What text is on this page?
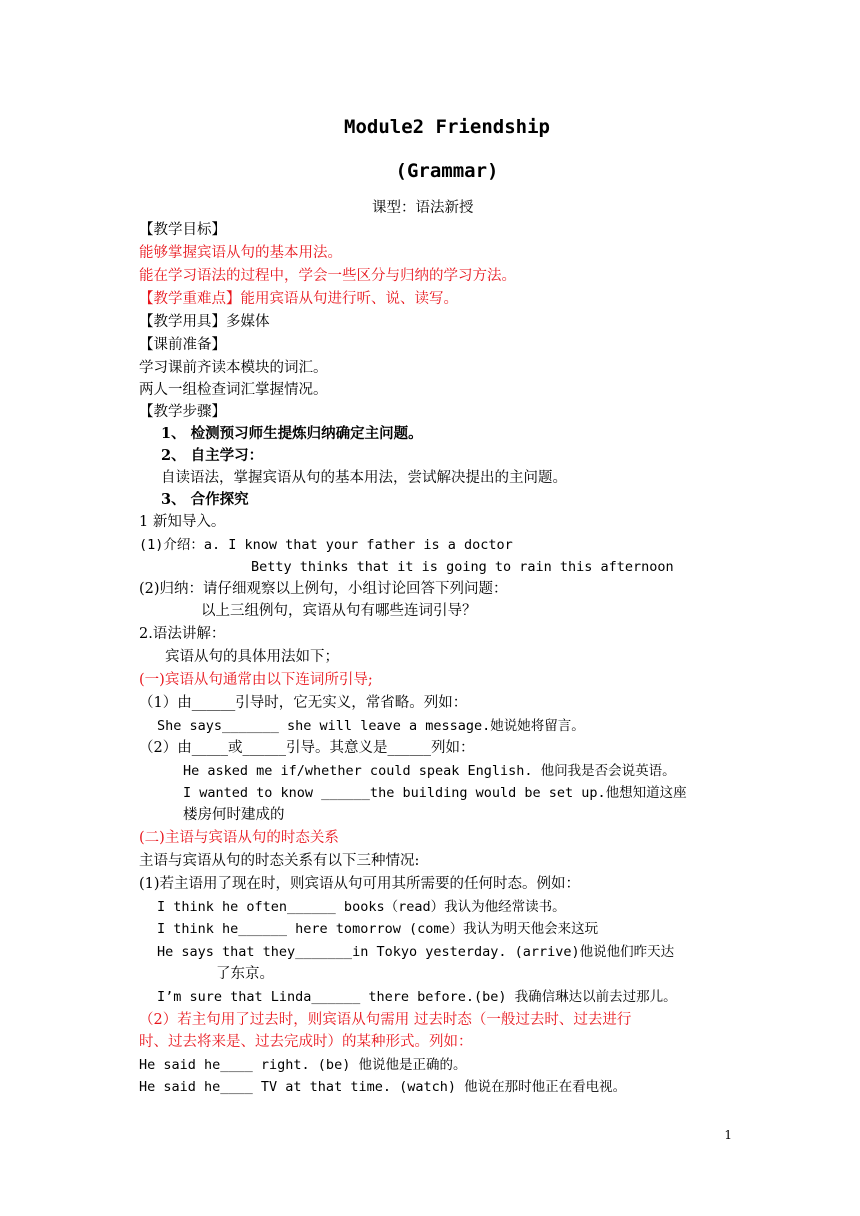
Module2 Friendship
(Grammar)
课型：语法新授
【教学目标】
能够掌握宾语从句的基本用法。
能在学习语法的过程中，学会一些区分与归纳的学习方法。
【教学重难点】能用宾语从句进行听、说、读写。
【教学用具】多媒体
【课前准备】
学习课前齐读本模块的词汇。
两人一组检查词汇掌握情况。
【教学步骤】
1、 检测预习师生提炼归纳确定主问题。
2、 自主学习：
自读语法，掌握宾语从句的基本用法，尝试解决提出的主问题。
3、 合作探究
1 新知导入。
(1)介绍：a. I know that your father is a doctor
Betty thinks that it is going to rain this afternoon
(2)归纳：请仔细观察以上例句，小组讨论回答下列问题：
以上三组例句，宾语从句有哪些连词引导？
2.语法讲解：
宾语从句的具体用法如下；
(一)宾语从句通常由以下连词所引导;
（1）由______引导时，它无实义，常省略。列如：
She says_______ she will leave a message.她说她将留言。
（2）由_____或______引导。其意义是______列如：
He asked me if/whether could speak English. 他问我是否会说英语。
I wanted to know ______the building would be set up.他想知道这座
楼房何时建成的
(二)主语与宾语从句的时态关系
主语与宾语从句的时态关系有以下三种情况:
(1)若主语用了现在时，则宾语从句可用其所需要的任何时态。例如：
I think he often______ books（read）我认为他经常读书。
I think he______ here tomorrow (come）我认为明天他会来这玩
He says that they_______in Tokyo yesterday. (arrive)他说他们昨天达
了东京。
I’m sure that Linda______ there before.(be) 我确信琳达以前去过那儿。
（2）若主句用了过去时，则宾语从句需用 过去时态（一般过去时、过去进行
时、过去将来是、过去完成时）的某种形式。列如：
He said he____ right. (be) 他说他是正确的。
He said he____ TV at that time. (watch) 他说在那时他正在看电视。
1
